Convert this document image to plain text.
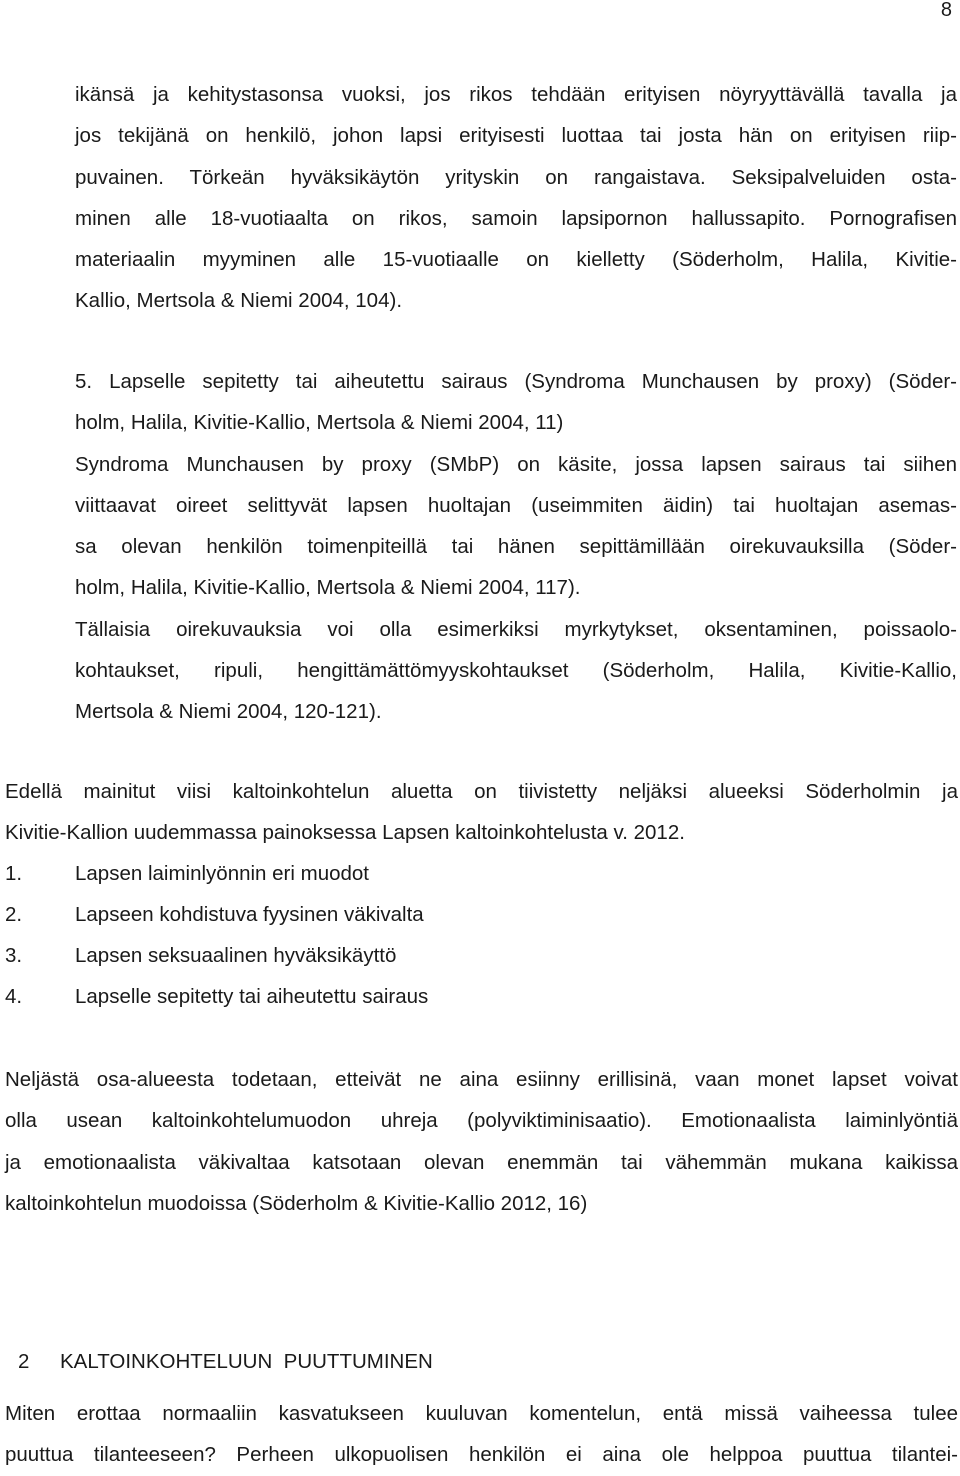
8
ikänsä ja kehitystasonsa vuoksi, jos rikos tehdään erityisen nöyryyttävällä tavalla ja
jos tekijänä on henkilö, johon lapsi erityisesti luottaa tai josta hän on erityisen riip-
puvainen. Törkeän hyväksikäytön yrityskin on rangaistava. Seksipalveluiden osta-
minen alle 18-vuotiaalta on rikos, samoin lapsipornon hallussapito. Pornografisen
materiaalin myyminen alle 15-vuotiaalle on kielletty (Söderholm, Halila, Kivitie-
Kallio, Mertsola & Niemi 2004, 104).
5. Lapselle sepitetty tai aiheutettu sairaus (Syndroma Munchausen by proxy) (Söder-
holm, Halila, Kivitie-Kallio, Mertsola & Niemi 2004, 11)
Syndroma Munchausen by proxy (SMbP) on käsite, jossa lapsen sairaus tai siihen
viittaavat oireet selittyvät lapsen huoltajan (useimmiten äidin) tai huoltajan asemas-
sa olevan henkilön toimenpiteillä tai hänen sepittämillään oirekuvauksilla (Söder-
holm, Halila, Kivitie-Kallio, Mertsola & Niemi 2004, 117).
Tällaisia oirekuvauksia voi olla esimerkiksi myrkytykset, oksentaminen, poissaolo-
kohtaukset, ripuli, hengittämättömyyskohtaukset (Söderholm, Halila, Kivitie-Kallio,
Mertsola & Niemi 2004, 120-121).
Edellä mainitut viisi kaltoinkohtelun aluetta on tiivistetty neljäksi alueeksi Söderholmin ja
Kivitie-Kallion uudemmassa painoksessa Lapsen kaltoinkohtelusta v. 2012.
1.	Lapsen laiminlyönnin eri muodot
2.	Lapseen kohdistuva fyysinen väkivalta
3.	Lapsen seksuaalinen hyväksikäyttö
4.	Lapselle sepitetty tai aiheutettu sairaus
Neljästä osa-alueesta todetaan, etteivät ne aina esiinny erillisinä, vaan monet lapset voivat
olla usean kaltoinkohtelumuodon uhreja (polyviktiminisaatio). Emotionaalista laiminlyöntiä
ja emotionaalista väkivaltaa katsotaan olevan enemmän tai vähemmän mukana kaikissa
kaltoinkohtelun muodoissa (Söderholm & Kivitie-Kallio 2012, 16)
2 KALTOINKOHTELUUN  PUUTTUMINEN
Miten erottaa normaaliin kasvatukseen kuuluvan komentelun, entä missä vaiheessa tulee
puuttua tilanteeseen? Perheen ulkopuolisen henkilön ei aina ole helppoa puuttua tilantei-
